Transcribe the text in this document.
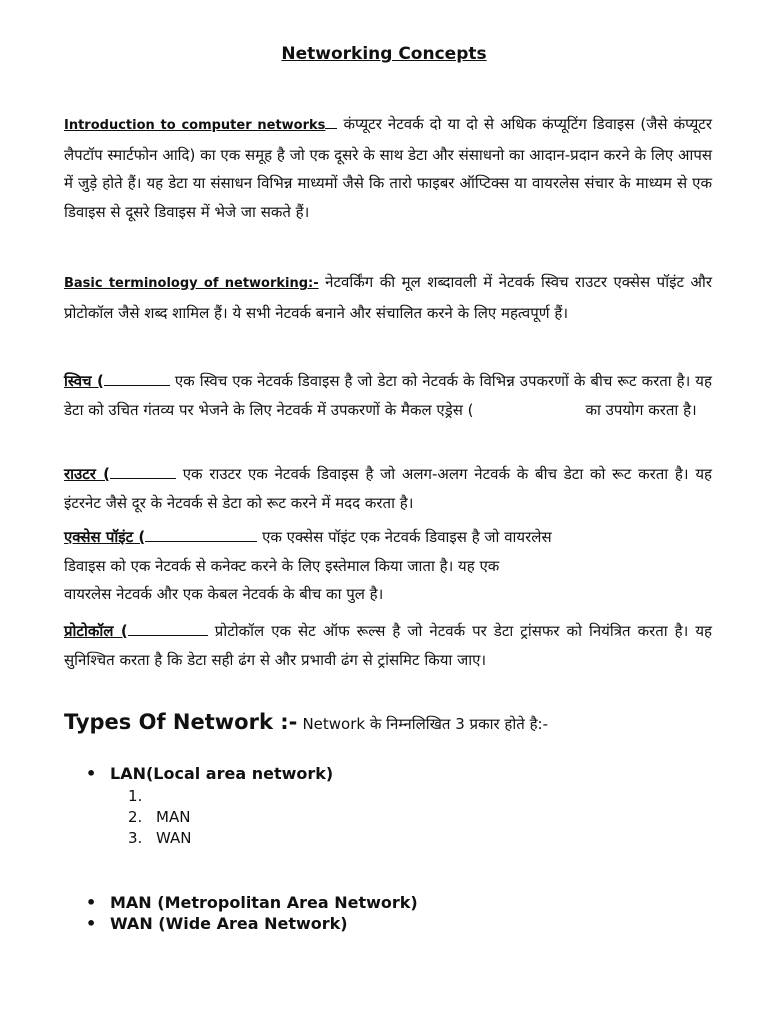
Networking Concepts
Introduction to computer networks कंप्यूटर नेटवर्क दो या दो से अधिक कंप्यूटिंग डिवाइस (जैसे कंप्यूटर लैपटॉप स्मार्टफोन आदि) का एक समूह है जो एक दूसरे के साथ डेटा और संसाधनो का आदान-प्रदान करने के लिए आपस में जुड़े होते हैं। यह डेटा या संसाधन विभिन्न माध्यमों जैसे कि तारो फाइबर ऑप्टिक्स या वायरलेस संचार के माध्यम से एक डिवाइस से दूसरे डिवाइस में भेजे जा सकते हैं।
Basic terminology of networking:- नेटवर्किंग की मूल शब्दावली में नेटवर्क स्विच राउटर एक्सेस पॉइंट और प्रोटोकॉल जैसे शब्द शामिल हैं। ये सभी नेटवर्क बनाने और संचालित करने के लिए महत्वपूर्ण हैं।
स्विच (	एक स्विच एक नेटवर्क डिवाइस है जो डेटा को नेटवर्क के विभिन्न उपकरणों के बीच रूट करता है। यह डेटा को उचित गंतव्य पर भेजने के लिए नेटवर्क में उपकरणों के मैकल एड्रेस (	का उपयोग करता है।
राउटर (	एक राउटर एक नेटवर्क डिवाइस है जो अलग-अलग नेटवर्क के बीच डेटा को रूट करता है। यह इंटरनेट जैसे दूर के नेटवर्क से डेटा को रूट करने में मदद करता है।
एक्सेस पॉइंट (	एक एक्सेस पॉइंट एक नेटवर्क डिवाइस है जो वायरलेस
डिवाइस को एक नेटवर्क से कनेक्ट करने के लिए इस्तेमाल किया जाता है। यह एक
वायरलेस नेटवर्क और एक केबल नेटवर्क के बीच का पुल है।
प्रोटोकॉल (	प्रोटोकॉल एक सेट ऑफ रूल्स है जो नेटवर्क पर डेटा ट्रांसफर को नियंत्रित करता है। यह सुनिश्चित करता है कि डेटा सही ढंग से और प्रभावी ढंग से ट्रांसमिट किया जाए।
Types Of Network :- Network के निम्नलिखित 3 प्रकार होते है:-
• LAN(Local area network)
1.
2. MAN
3. WAN
• MAN (Metropolitan Area Network)
• WAN (Wide Area Network)
